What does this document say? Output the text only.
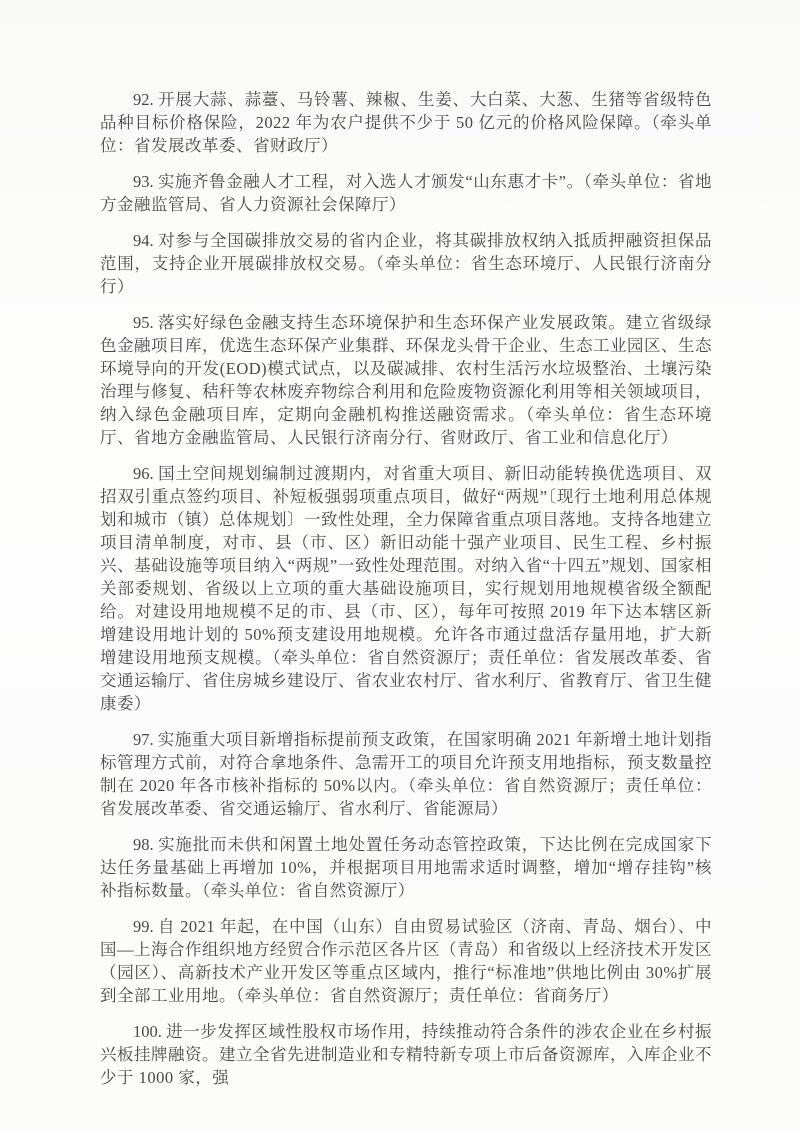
92. 开展大蒜、蒜薹、马铃薯、辣椒、生姜、大白菜、大葱、生猪等省级特色品种目标价格保险，2022 年为农户提供不少于 50 亿元的价格风险保障。（牵头单位：省发展改革委、省财政厅）

93. 实施齐鲁金融人才工程，对入选人才颁发“山东惠才卡”。（牵头单位：省地方金融监管局、省人力资源社会保障厅）

94. 对参与全国碳排放交易的省内企业，将其碳排放权纳入抵质押融资担保品范围，支持企业开展碳排放权交易。（牵头单位：省生态环境厅、人民银行济南分行）

95. 落实好绿色金融支持生态环境保护和生态环保产业发展政策。建立省级绿色金融项目库，优选生态环保产业集群、环保龙头骨干企业、生态工业园区、生态环境导向的开发(EOD)模式试点，以及碳减排、农村生活污水垃圾整治、土壤污染治理与修复、秸秆等农林废弃物综合利用和危险废物资源化利用等相关领域项目，纳入绿色金融项目库，定期向金融机构推送融资需求。（牵头单位：省生态环境厅、省地方金融监管局、人民银行济南分行、省财政厅、省工业和信息化厅）

96. 国土空间规划编制过渡期内，对省重大项目、新旧动能转换优选项目、双招双引重点签约项目、补短板强弱项重点项目，做好“两规”〔现行土地利用总体规划和城市（镇）总体规划〕一致性处理，全力保障省重点项目落地。支持各地建立项目清单制度，对市、县（市、区）新旧动能十强产业项目、民生工程、乡村振兴、基础设施等项目纳入“两规”一致性处理范围。对纳入省“十四五”规划、国家相关部委规划、省级以上立项的重大基础设施项目，实行规划用地规模省级全额配给。对建设用地规模不足的市、县（市、区），每年可按照 2019 年下达本辖区新增建设用地计划的 50%预支建设用地规模。允许各市通过盘活存量用地，扩大新增建设用地预支规模。（牵头单位：省自然资源厅；责任单位：省发展改革委、省交通运输厅、省住房城乡建设厅、省农业农村厅、省水利厅、省教育厅、省卫生健康委）

97. 实施重大项目新增指标提前预支政策，在国家明确 2021 年新增土地计划指标管理方式前，对符合拿地条件、急需开工的项目允许预支用地指标，预支数量控制在 2020 年各市核补指标的 50%以内。（牵头单位：省自然资源厅；责任单位：省发展改革委、省交通运输厅、省水利厅、省能源局）

98. 实施批而未供和闲置土地处置任务动态管控政策，下达比例在完成国家下达任务量基础上再增加 10%，并根据项目用地需求适时调整，增加“增存挂钩”核补指标数量。（牵头单位：省自然资源厅）

99. 自 2021 年起，在中国（山东）自由贸易试验区（济南、青岛、烟台）、中国—上海合作组织地方经贸合作示范区各片区（青岛）和省级以上经济技术开发区（园区）、高新技术产业开发区等重点区域内，推行“标准地”供地比例由 30%扩展到全部工业用地。（牵头单位：省自然资源厅；责任单位：省商务厅）

100. 进一步发挥区域性股权市场作用，持续推动符合条件的涉农企业在乡村振兴板挂牌融资。建立全省先进制造业和专精特新专项上市后备资源库，入库企业不少于 1000 家，强
